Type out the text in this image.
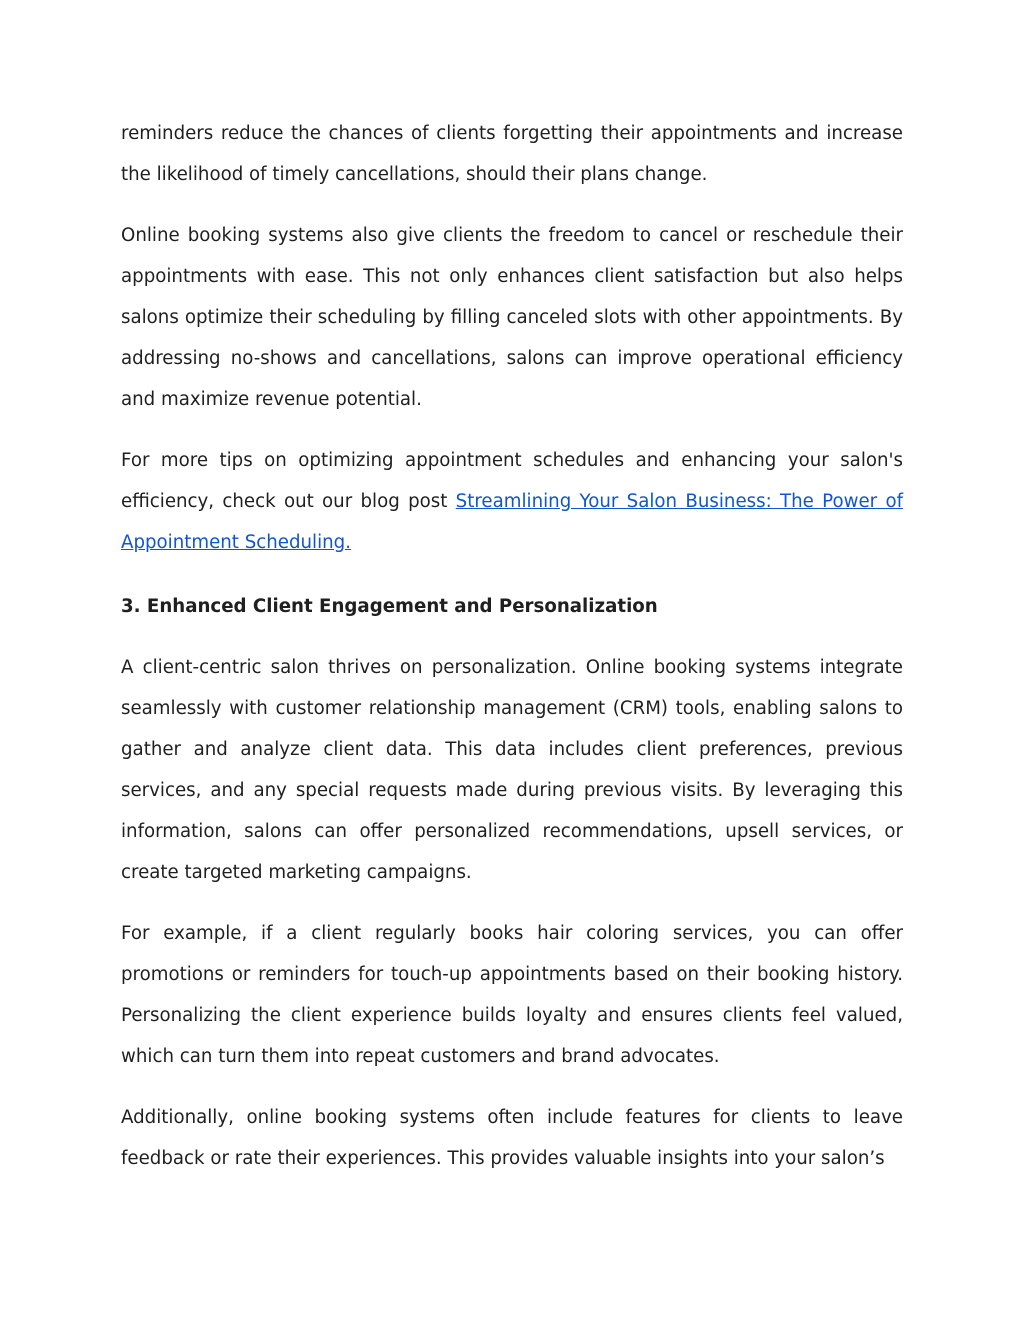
reminders reduce the chances of clients forgetting their appointments and increase the likelihood of timely cancellations, should their plans change.

Online booking systems also give clients the freedom to cancel or reschedule their appointments with ease. This not only enhances client satisfaction but also helps salons optimize their scheduling by filling canceled slots with other appointments. By addressing no-shows and cancellations, salons can improve operational efficiency and maximize revenue potential.

For more tips on optimizing appointment schedules and enhancing your salon's efficiency, check out our blog post Streamlining Your Salon Business: The Power of Appointment Scheduling.

3. Enhanced Client Engagement and Personalization

A client-centric salon thrives on personalization. Online booking systems integrate seamlessly with customer relationship management (CRM) tools, enabling salons to gather and analyze client data. This data includes client preferences, previous services, and any special requests made during previous visits. By leveraging this information, salons can offer personalized recommendations, upsell services, or create targeted marketing campaigns.

For example, if a client regularly books hair coloring services, you can offer promotions or reminders for touch-up appointments based on their booking history. Personalizing the client experience builds loyalty and ensures clients feel valued, which can turn them into repeat customers and brand advocates.

Additionally, online booking systems often include features for clients to leave feedback or rate their experiences. This provides valuable insights into your salon’s
